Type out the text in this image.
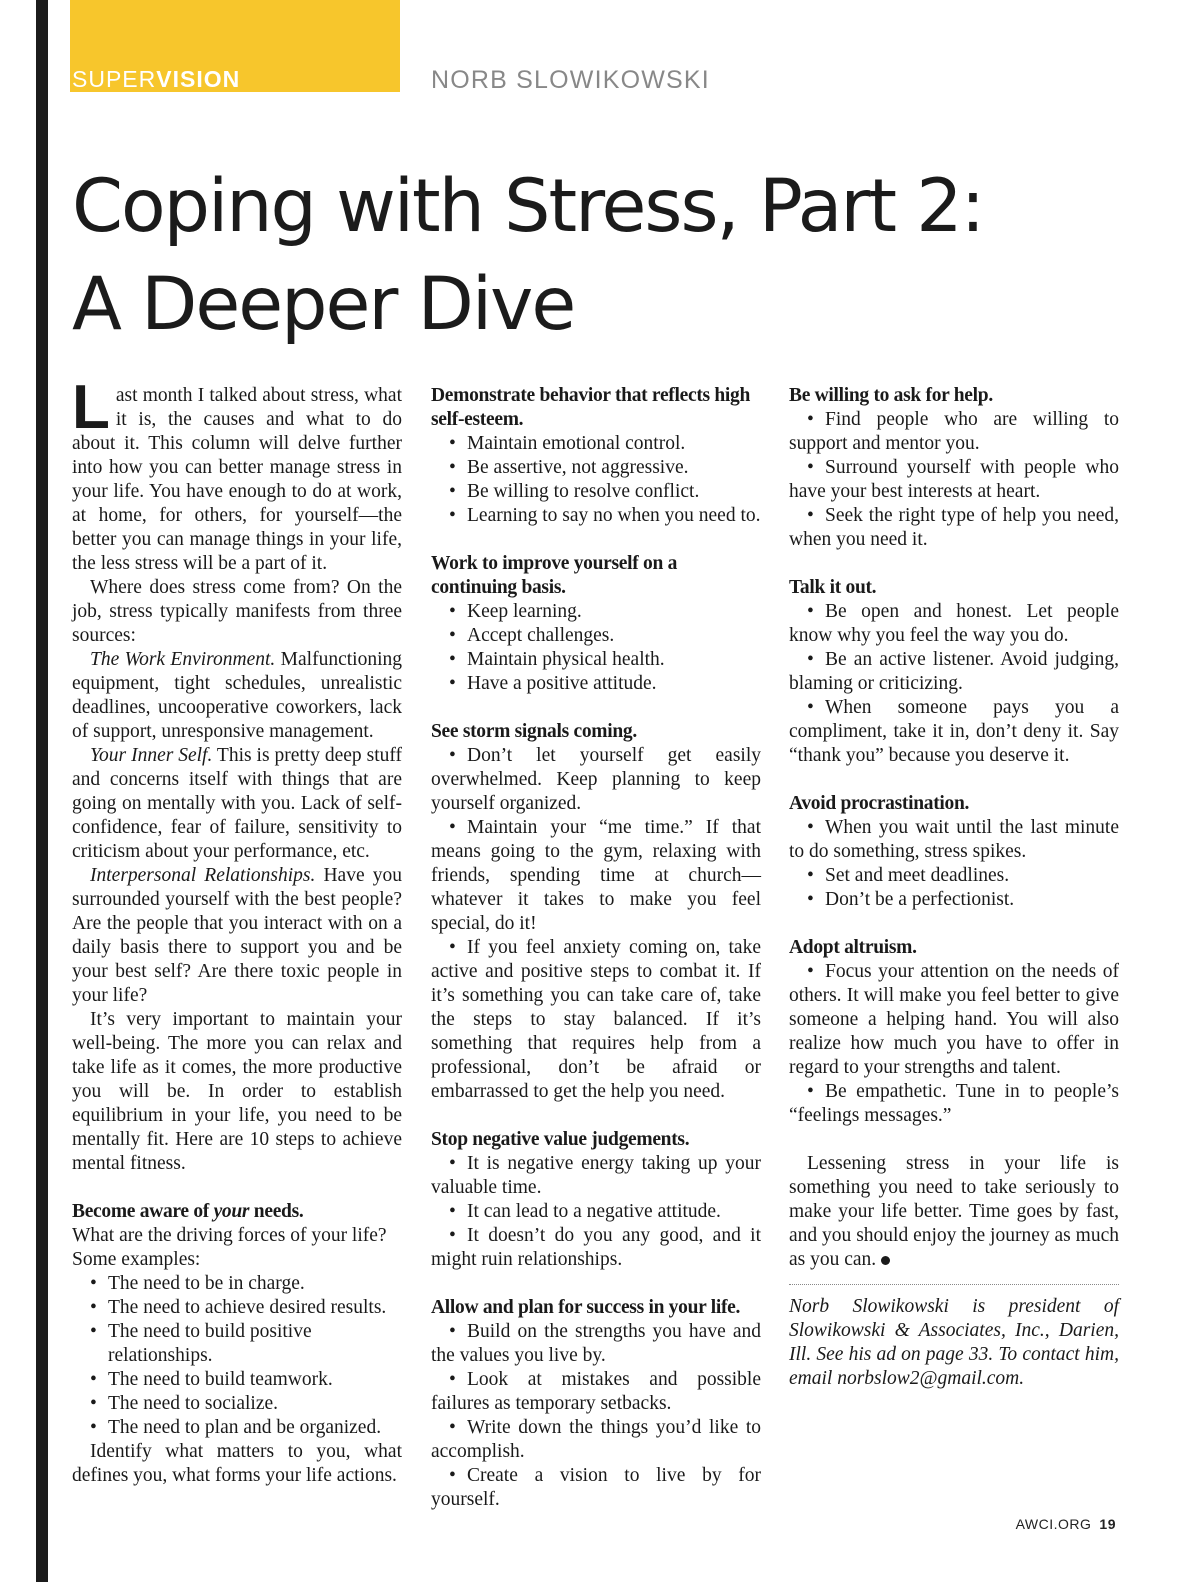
SUPERVISION	NORB SLOWIKOWSKI
Coping with Stress, Part 2:
A Deeper Dive

Last month I talked about stress, what it is, the causes and what to do about it. This column will delve further into how you can better manage stress in your life. You have enough to do at work, at home, for others, for yourself—the better you can manage things in your life, the less stress will be a part of it.

Where does stress come from? On the job, stress typically manifests from three sources:

The Work Environment. Malfunctioning equipment, tight schedules, unrealistic deadlines, uncooperative coworkers, lack of support, unresponsive management.

Your Inner Self. This is pretty deep stuff and concerns itself with things that are going on mentally with you. Lack of self-confidence, fear of failure, sensitivity to criticism about your performance, etc.

Interpersonal Relationships. Have you surrounded yourself with the best people? Are the people that you interact with on a daily basis there to support you and be your best self? Are there toxic people in your life?

It’s very important to maintain your well-being. The more you can relax and take life as it comes, the more productive you will be. In order to establish equilibrium in your life, you need to be mentally fit. Here are 10 steps to achieve mental fitness.

Become aware of your needs.

What are the driving forces of your life? Some examples:

• The need to be in charge.
• The need to achieve desired results.
• The need to build positive relationships.
• The need to build teamwork.
• The need to socialize.
• The need to plan and be organized.

Identify what matters to you, what defines you, what forms your life actions.

Demonstrate behavior that reflects high self-esteem.
• Maintain emotional control.
• Be assertive, not aggressive.
• Be willing to resolve conflict.
• Learning to say no when you need to.
Work to improve yourself on a continuing basis.
• Keep learning.
• Accept challenges.
• Maintain physical health.
• Have a positive attitude.
See storm signals coming.
• Don’t let yourself get easily overwhelmed. Keep planning to keep yourself organized.
• Maintain your “me time.” If that means going to the gym, relaxing with friends, spending time at church—whatever it takes to make you feel special, do it!
• If you feel anxiety coming on, take active and positive steps to combat it. If it’s something you can take care of, take the steps to stay balanced. If it’s something that requires help from a professional, don’t be afraid or embarrassed to get the help you need.
Stop negative value judgements.
• It is negative energy taking up your valuable time.
• It can lead to a negative attitude.
• It doesn’t do you any good, and it might ruin relationships.
Allow and plan for success in your life.
• Build on the strengths you have and the values you live by.
• Look at mistakes and possible failures as temporary setbacks.
• Write down the things you’d like to accomplish.
• Create a vision to live by for yourself.
Be willing to ask for help.
• Find people who are willing to support and mentor you.
• Surround yourself with people who have your best interests at heart.
• Seek the right type of help you need, when you need it.
Talk it out.
• Be open and honest. Let people know why you feel the way you do.
• Be an active listener. Avoid judging, blaming or criticizing.
• When someone pays you a compliment, take it in, don’t deny it. Say “thank you” because you deserve it.
Avoid procrastination.
• When you wait until the last minute to do something, stress spikes.
• Set and meet deadlines.
• Don’t be a perfectionist.
Adopt altruism.
• Focus your attention on the needs of others. It will make you feel better to give someone a helping hand. You will also realize how much you have to offer in regard to your strengths and talent.
• Be empathetic. Tune in to people’s “feelings messages.”

Lessening stress in your life is something you need to take seriously to make your life better. Time goes by fast, and you should enjoy the journey as much as you can.

Norb Slowikowski is president of Slowikowski & Associates, Inc., Darien, Ill. See his ad on page 33. To contact him, email norbslow2@gmail.com.

AWCI.ORG 19
